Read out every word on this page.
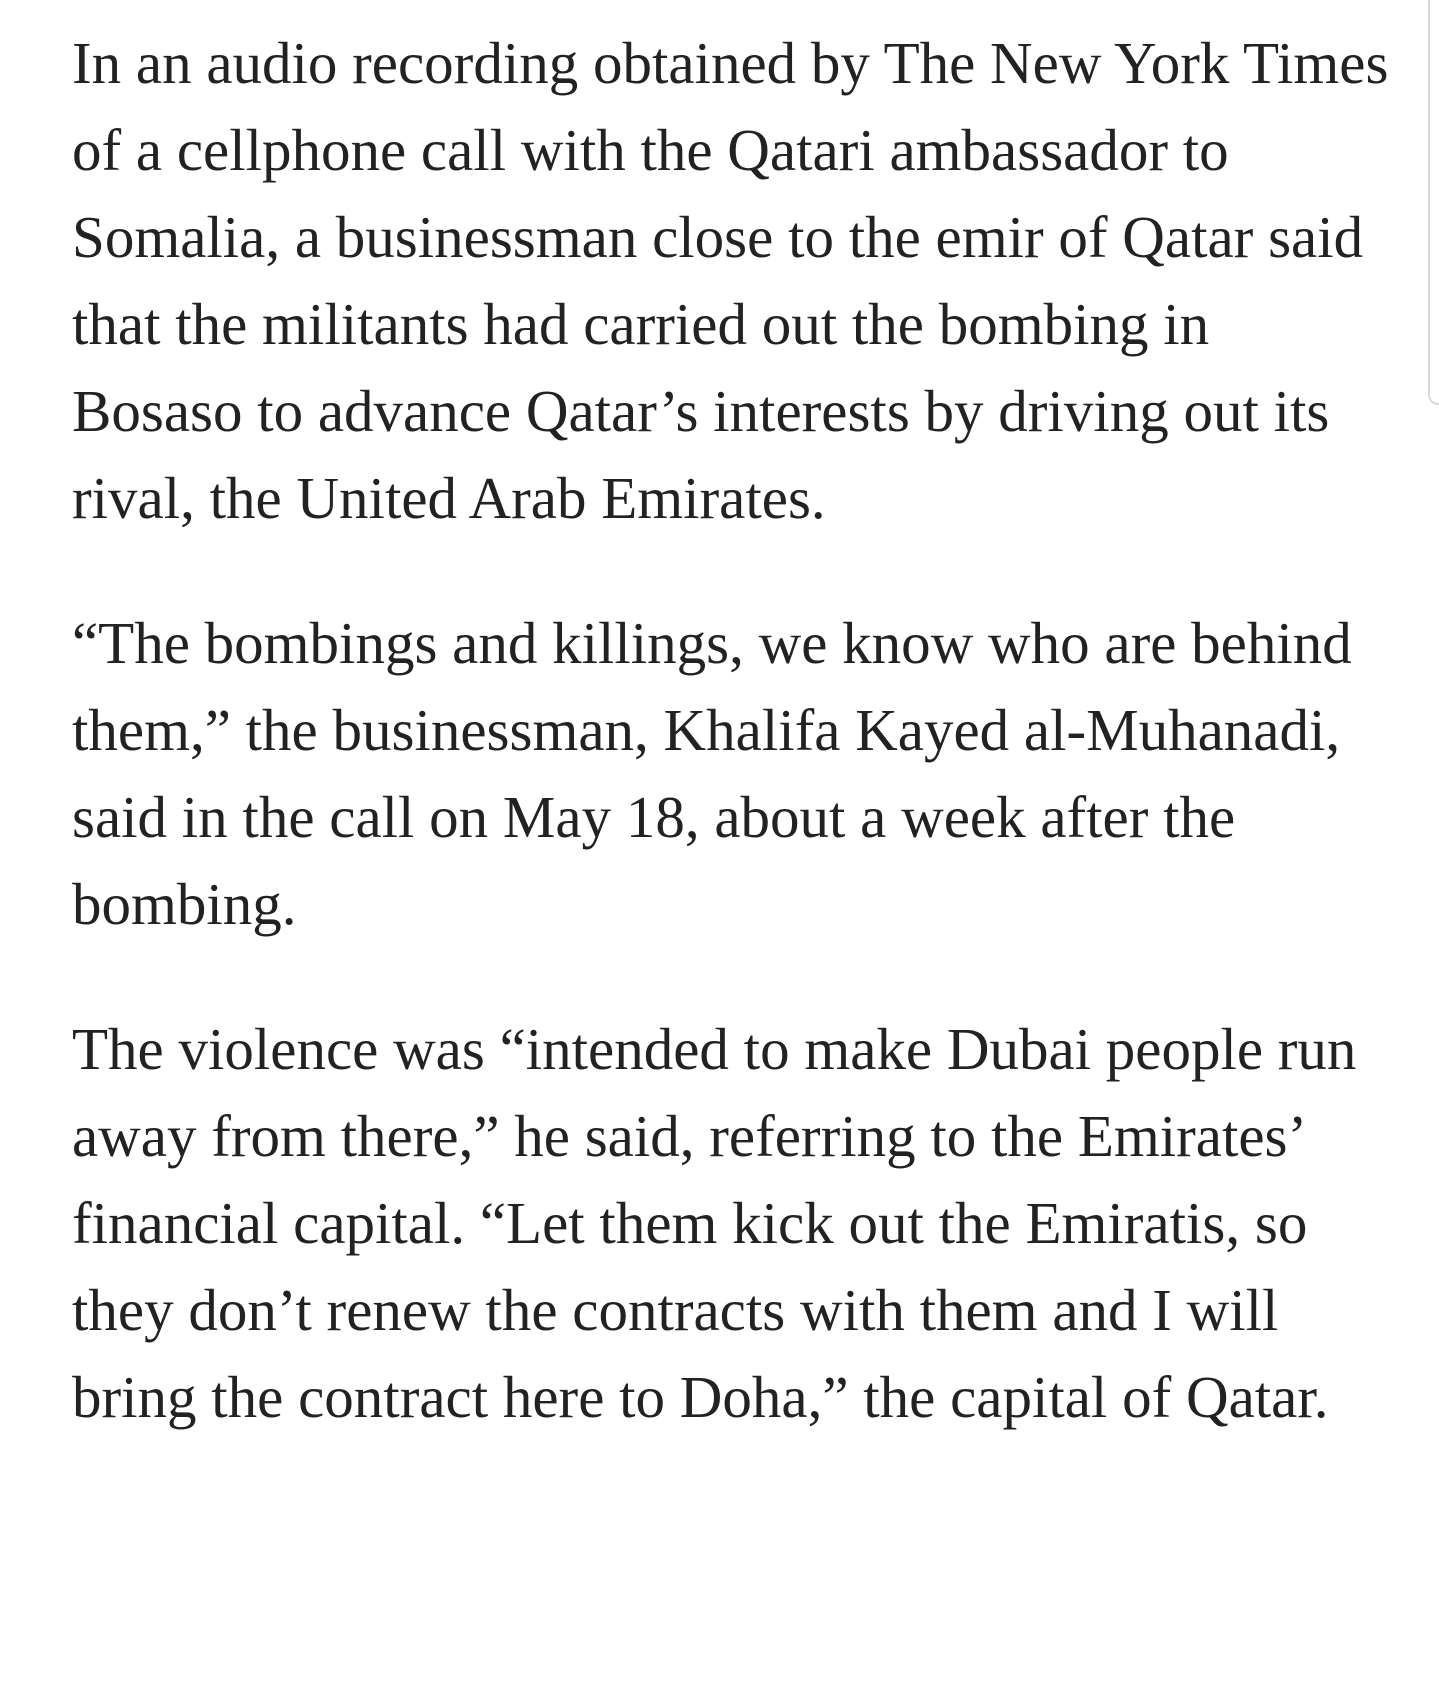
In an audio recording obtained by The New York Times of a cellphone call with the Qatari ambassador to Somalia, a businessman close to the emir of Qatar said that the militants had carried out the bombing in Bosaso to advance Qatar’s interests by driving out its rival, the United Arab Emirates.

“The bombings and killings, we know who are behind them,” the businessman, Khalifa Kayed al-Muhanadi, said in the call on May 18, about a week after the bombing.

The violence was “intended to make Dubai people run away from there,” he said, referring to the Emirates’ financial capital. “Let them kick out the Emiratis, so they don’t renew the contracts with them and I will bring the contract here to Doha,” the capital of Qatar.
